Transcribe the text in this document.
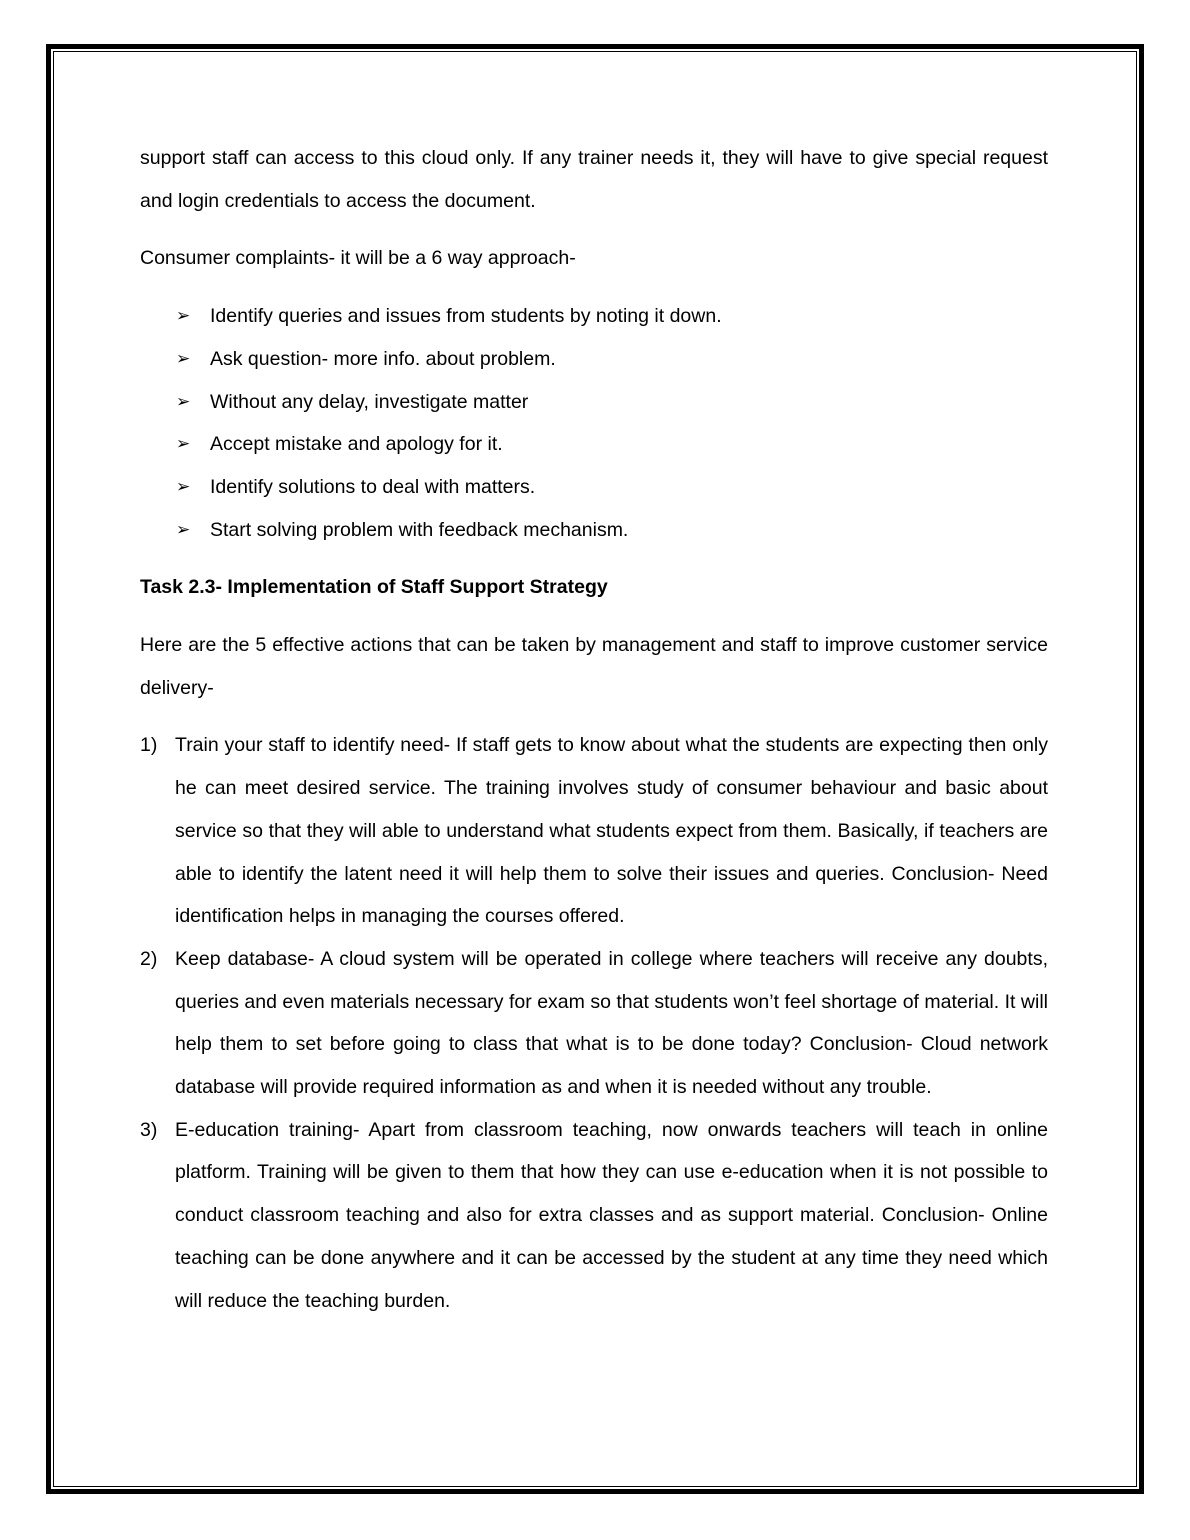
support staff can access to this cloud only. If any trainer needs it, they will have to give special request and login credentials to access the document.

Consumer complaints- it will be a 6 way approach-

➢ Identify queries and issues from students by noting it down.
➢ Ask question- more info. about problem.
➢ Without any delay, investigate matter
➢ Accept mistake and apology for it.
➢ Identify solutions to deal with matters.
➢ Start solving problem with feedback mechanism.

Task 2.3- Implementation of Staff Support Strategy

Here are the 5 effective actions that can be taken by management and staff to improve customer service delivery-

1) Train your staff to identify need- If staff gets to know about what the students are expecting then only he can meet desired service. The training involves study of consumer behaviour and basic about service so that they will able to understand what students expect from them. Basically, if teachers are able to identify the latent need it will help them to solve their issues and queries. Conclusion- Need identification helps in managing the courses offered.
2) Keep database- A cloud system will be operated in college where teachers will receive any doubts, queries and even materials necessary for exam so that students won’t feel shortage of material. It will help them to set before going to class that what is to be done today? Conclusion- Cloud network database will provide required information as and when it is needed without any trouble.
3) E-education training- Apart from classroom teaching, now onwards teachers will teach in online platform. Training will be given to them that how they can use e-education when it is not possible to conduct classroom teaching and also for extra classes and as support material. Conclusion- Online teaching can be done anywhere and it can be accessed by the student at any time they need which will reduce the teaching burden.
